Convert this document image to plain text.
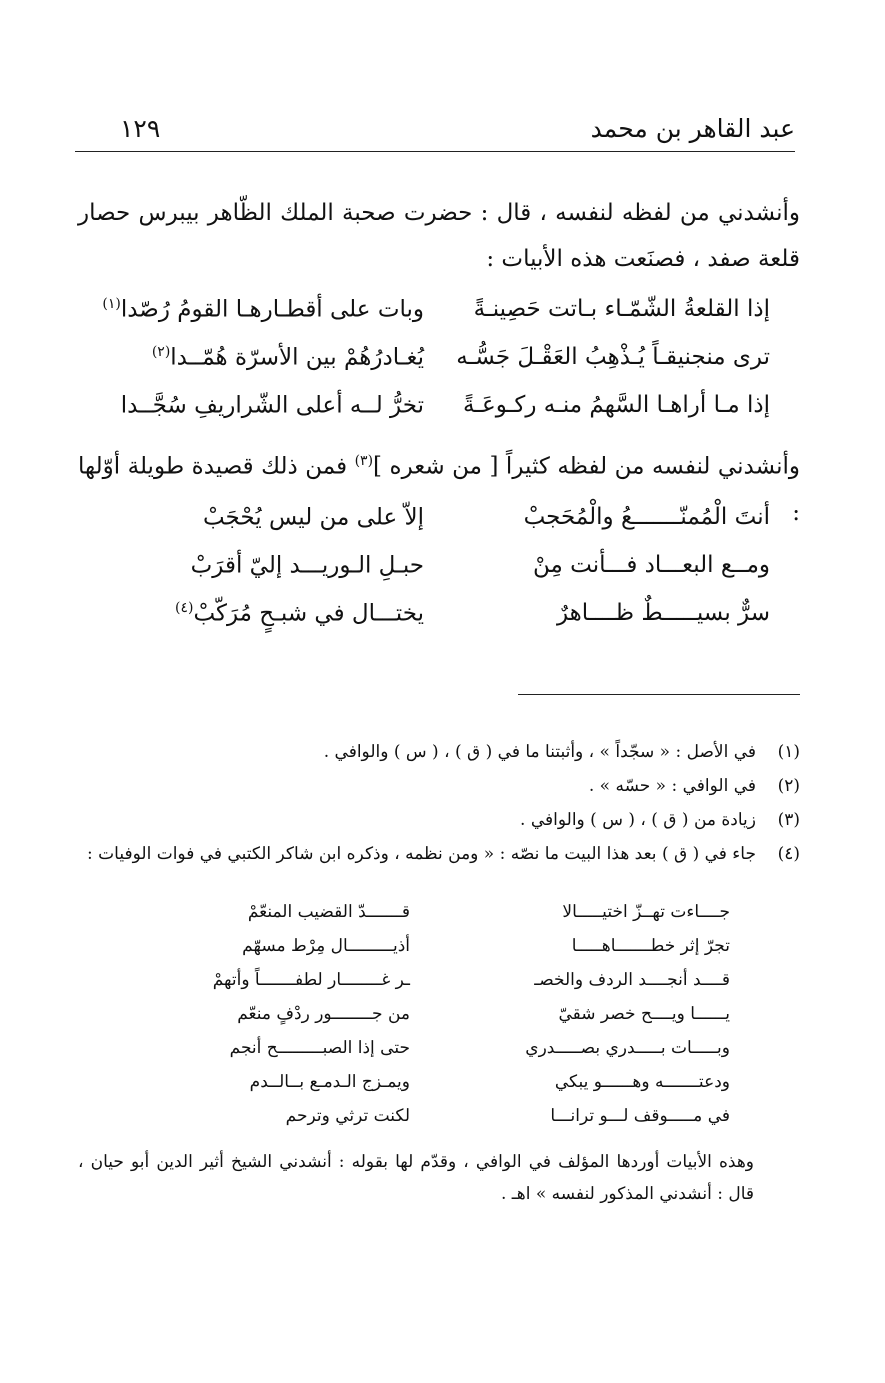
عبد القاهر بن محمد
١٢٩
وأنشدني من لفظه لنفسه ، قال : حضرت صحبة الملك الظّاهر بيبرس حصار قلعة صفد ، فصنَعت هذه الأبيات :
إذا القلعةُ الشّمّـاء بـاتت حَصِينـةً
وبات على أقطـارهـا القومُ رُصّدا$^{(١)}$
ترى منجنيقـاً يُـذْهِبُ العَقْـلَ جَسُّـه
يُغـادرُهُمْ بين الأسرّة هُمّــدا$^{(٢)}$
إذا مـا أراهـا السَّهمُ منـه ركـوعَـةً
تخرُّ لــه أعلى الشّراريفِ سُجَّــدا
وأنشدني لنفسه من لفظه كثيراً [ من شعره ]$^{(٣)}$ فمن ذلك قصيدة طويلة أوّلها :
أنتَ الْمُمنّـــــــعُ والْمُحَجبْ
إلاّ على من ليس يُحْجَبْ
ومــع البعـــاد فـــأنت مِنْ
حبـلِ الـوريـــد إليّ أقرَبْ
سرٌّ بسيـــــطٌ ظــــاهرٌ
يختـــال في شبـحٍ مُرَكّبْ$^{(٤)}$
(١)
في الأصل : « سجّداً » ، وأثبتنا ما في ( ق ) ، ( س ) والوافي .
(٢)
في الوافي : « حسّه » .
(٣)
زيادة من ( ق ) ، ( س ) والوافي .
(٤)
جاء في ( ق ) بعد هذا البيت ما نصّه : « ومن نظمه ، وذكره ابن شاكر الكتبي في فوات الوفيات :
جــــاءت تهــزّ اختيـــــالا
قـــــــدّ القضيب المنعّمْ
تجرّ إثر خطـــــــاهـــــا
أذيـــــــــال مِرْط مسهّم
قــــد أنجــــد الردف والخصـ
ـر غــــــــار لطفـــــــاً وأتهمْ
يــــــا ويــــح خصر شقيّ
من جــــــــور ردْفٍ منعّم
وبـــــات بـــــدري بصـــــدري
حتى إذا الصبـــــــــح أنجم
ودعتـــــــه وهــــــو يبكي
ويمـزج الـدمـع بــالــدم
في مـــــوقف لـــو ترانـــا
لكنت ترثي وترحم
وهذه الأبيات أوردها المؤلف في الوافي ، وقدّم لها بقوله : أنشدني الشيخ أثير الدين أبو حيان ، قال : أنشدني المذكور لنفسه » اهـ .
